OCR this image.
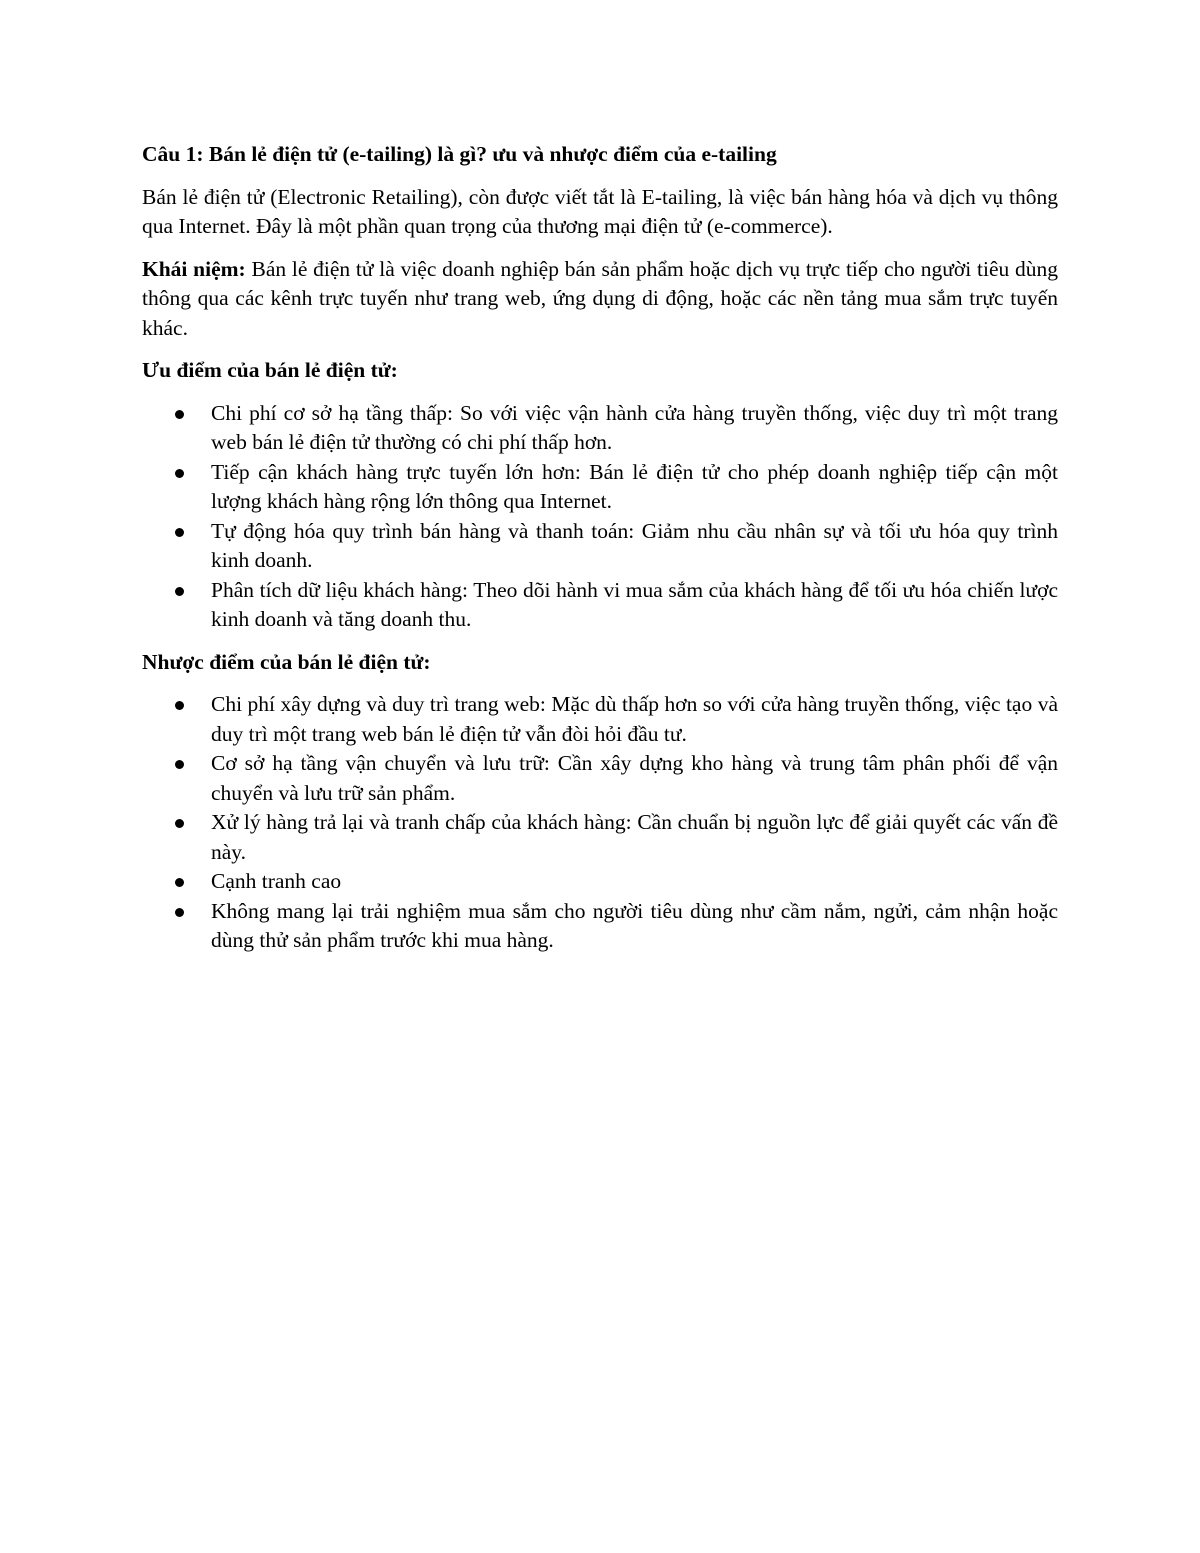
Câu 1: Bán lẻ điện tử (e-tailing) là gì? ưu và nhược điểm của e-tailing

Bán lẻ điện tử (Electronic Retailing), còn được viết tắt là E-tailing, là việc bán hàng hóa và dịch vụ thông qua Internet. Đây là một phần quan trọng của thương mại điện tử (e-commerce).

Khái niệm: Bán lẻ điện tử là việc doanh nghiệp bán sản phẩm hoặc dịch vụ trực tiếp cho người tiêu dùng thông qua các kênh trực tuyến như trang web, ứng dụng di động, hoặc các nền tảng mua sắm trực tuyến khác.

Ưu điểm của bán lẻ điện tử:
Chi phí cơ sở hạ tầng thấp: So với việc vận hành cửa hàng truyền thống, việc duy trì một trang web bán lẻ điện tử thường có chi phí thấp hơn.
Tiếp cận khách hàng trực tuyến lớn hơn: Bán lẻ điện tử cho phép doanh nghiệp tiếp cận một lượng khách hàng rộng lớn thông qua Internet.
Tự động hóa quy trình bán hàng và thanh toán: Giảm nhu cầu nhân sự và tối ưu hóa quy trình kinh doanh.
Phân tích dữ liệu khách hàng: Theo dõi hành vi mua sắm của khách hàng để tối ưu hóa chiến lược kinh doanh và tăng doanh thu.
Nhược điểm của bán lẻ điện tử:
Chi phí xây dựng và duy trì trang web: Mặc dù thấp hơn so với cửa hàng truyền thống, việc tạo và duy trì một trang web bán lẻ điện tử vẫn đòi hỏi đầu tư.
Cơ sở hạ tầng vận chuyển và lưu trữ: Cần xây dựng kho hàng và trung tâm phân phối để vận chuyển và lưu trữ sản phẩm.
Xử lý hàng trả lại và tranh chấp của khách hàng: Cần chuẩn bị nguồn lực để giải quyết các vấn đề này.
Cạnh tranh cao
Không mang lại trải nghiệm mua sắm cho người tiêu dùng như cầm nắm, ngửi, cảm nhận hoặc dùng thử sản phẩm trước khi mua hàng.
